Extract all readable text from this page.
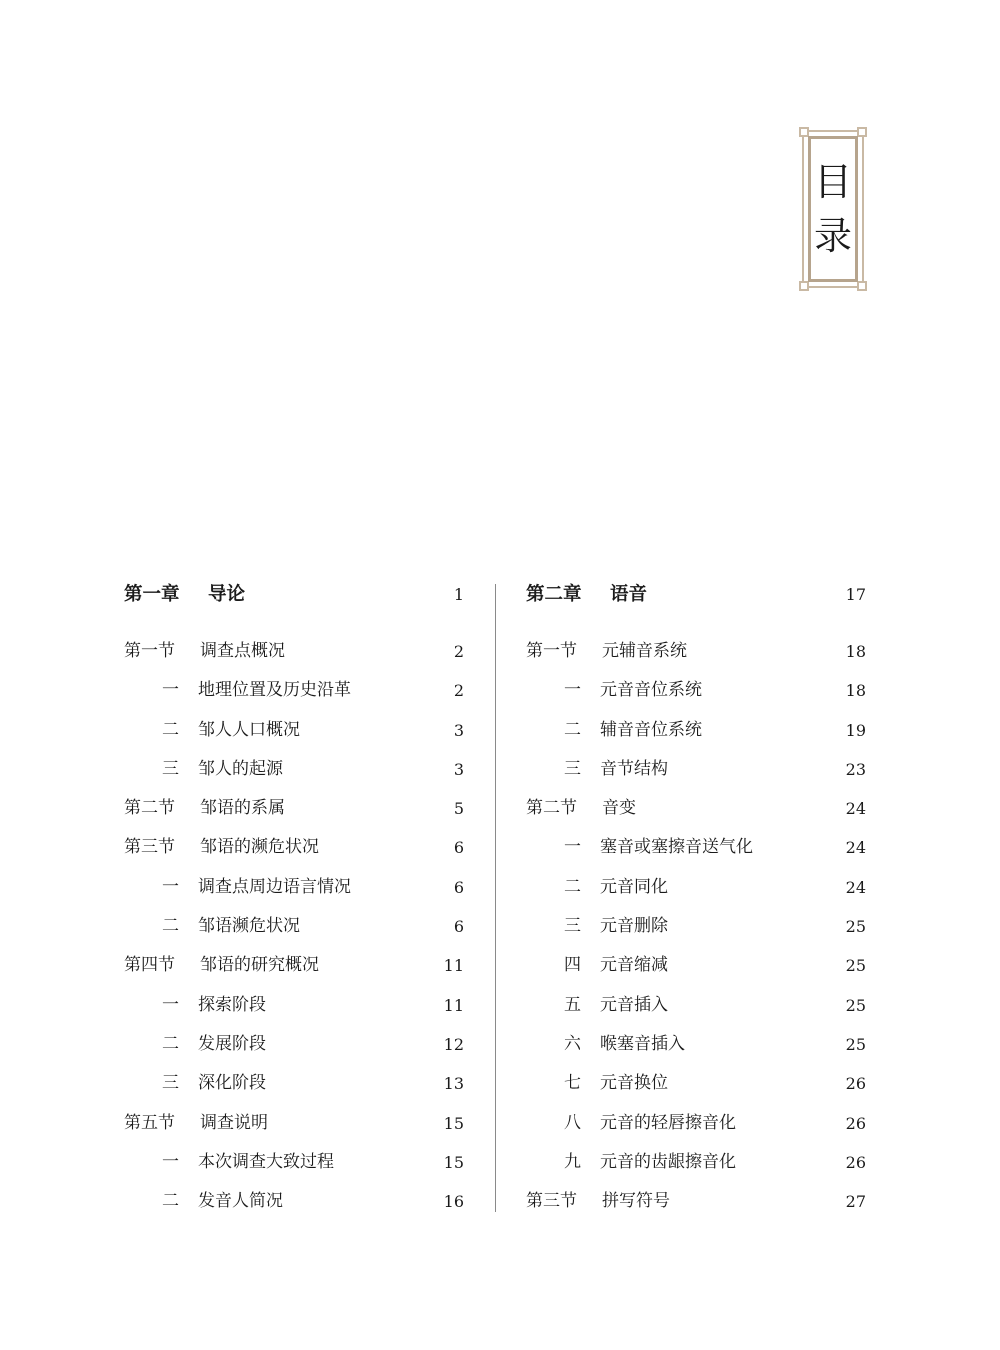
目
录
第一章 导论	1
第一节 调查点概况	2
一 地理位置及历史沿革	2
二 邹人人口概况	3
三 邹人的起源	3
第二节 邹语的系属	5
第三节 邹语的濒危状况	6
一 调查点周边语言情况	6
二 邹语濒危状况	6
第四节 邹语的研究概况	11
一 探索阶段	11
二 发展阶段	12
三 深化阶段	13
第五节 调查说明	15
一 本次调查大致过程	15
二 发音人简况	16
第二章 语音	17
第一节 元辅音系统	18
一 元音音位系统	18
二 辅音音位系统	19
三 音节结构	23
第二节 音变	24
一 塞音或塞擦音送气化	24
二 元音同化	24
三 元音删除	25
四 元音缩减	25
五 元音插入	25
六 喉塞音插入	25
七 元音换位	26
八 元音的轻唇擦音化	26
九 元音的齿龈擦音化	26
第三节 拼写符号	27
